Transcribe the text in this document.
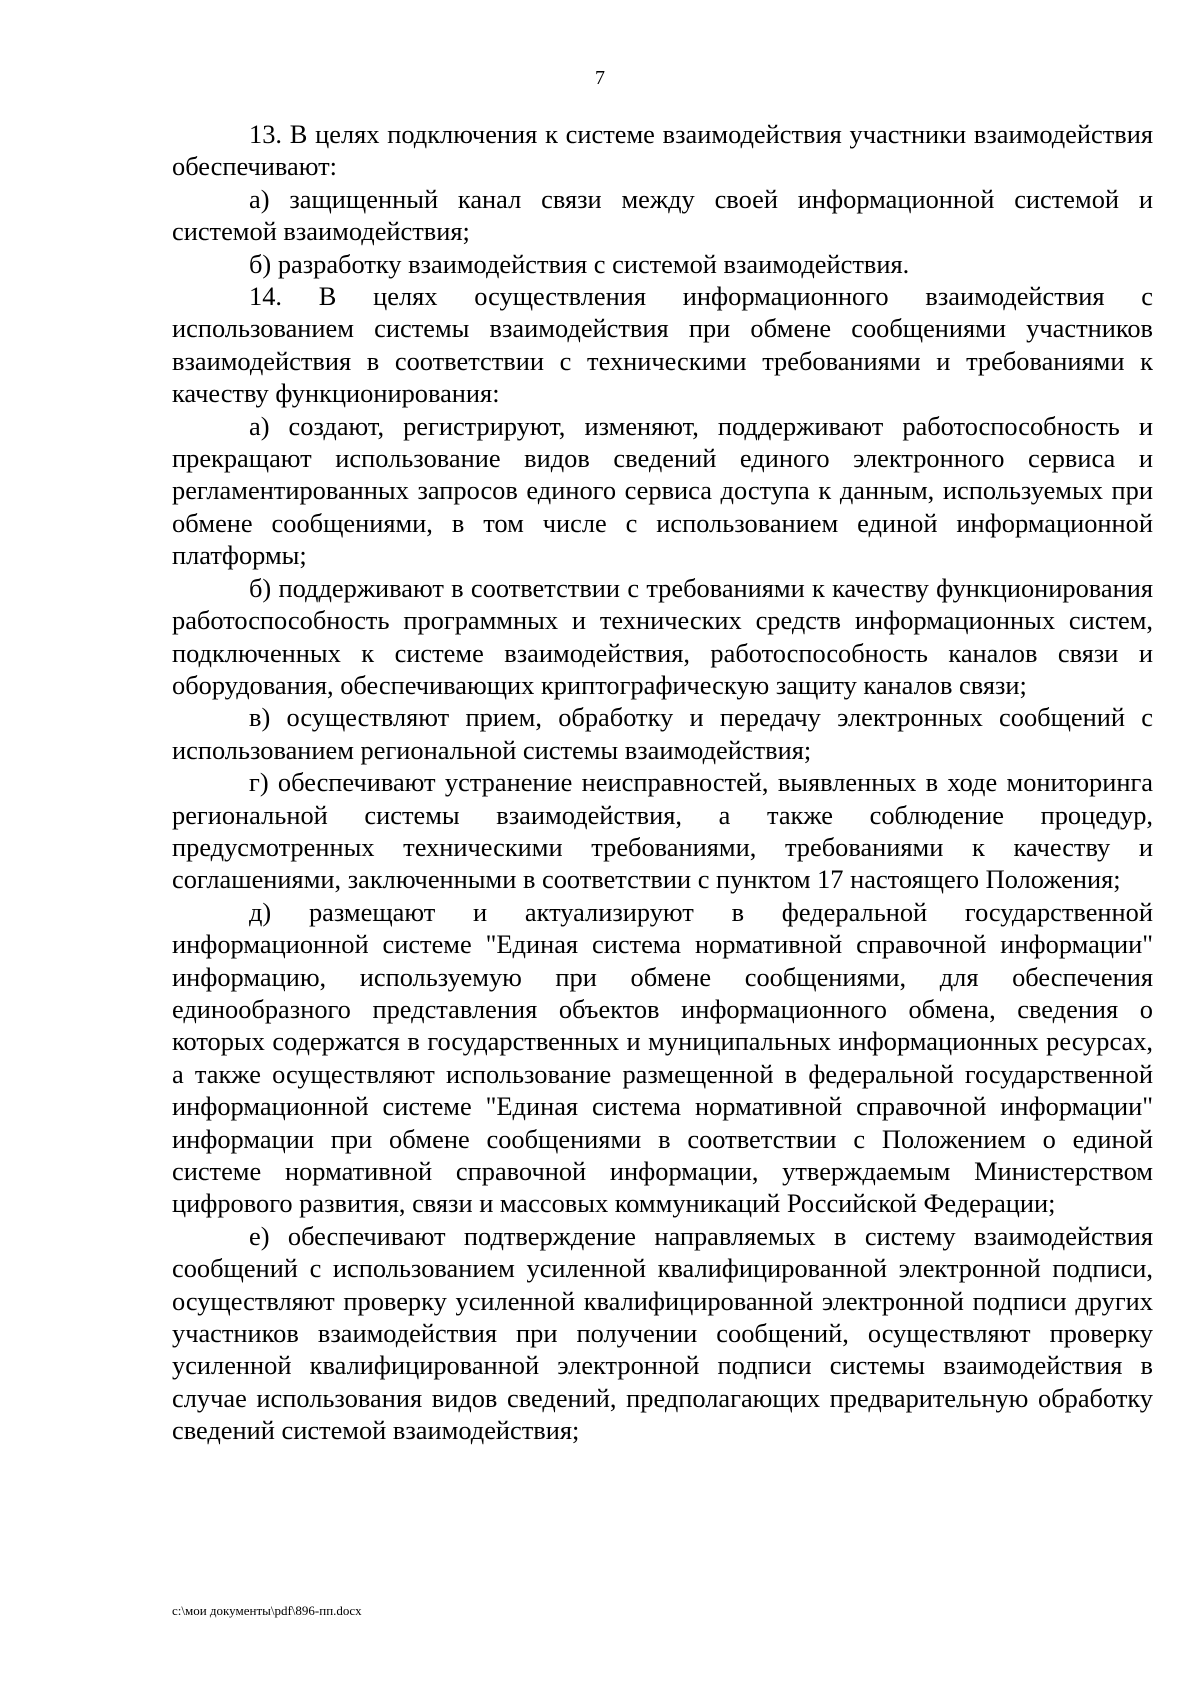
7

13. В целях подключения к системе взаимодействия участники взаимодействия обеспечивают:

а) защищенный канал связи между своей информационной системой и системой взаимодействия;

б) разработку взаимодействия с системой взаимодействия.

14. В целях осуществления информационного взаимодействия с использованием системы взаимодействия при обмене сообщениями участников взаимодействия в соответствии с техническими требованиями и требованиями к качеству функционирования:

а) создают, регистрируют, изменяют, поддерживают работоспособность и прекращают использование видов сведений единого электронного сервиса и регламентированных запросов единого сервиса доступа к данным, используемых при обмене сообщениями, в том числе с использованием единой информационной платформы;

б) поддерживают в соответствии с требованиями к качеству функционирования работоспособность программных и технических средств информационных систем, подключенных к системе взаимодействия, работоспособность каналов связи и оборудования, обеспечивающих криптографическую защиту каналов связи;

в) осуществляют прием, обработку и передачу электронных сообщений с использованием региональной системы взаимодействия;

г) обеспечивают устранение неисправностей, выявленных в ходе мониторинга региональной системы взаимодействия, а также соблюдение процедур, предусмотренных техническими требованиями, требованиями к качеству и соглашениями, заключенными в соответствии с пунктом 17 настоящего Положения;

д) размещают и актуализируют в федеральной государственной информационной системе "Единая система нормативной справочной информации" информацию, используемую при обмене сообщениями, для обеспечения единообразного представления объектов информационного обмена, сведения о которых содержатся в государственных и муниципальных информационных ресурсах, а также осуществляют использование размещенной в федеральной государственной информационной системе "Единая система нормативной справочной информации" информации при обмене сообщениями в соответствии с Положением о единой системе нормативной справочной информации, утверждаемым Министерством цифрового развития, связи и массовых коммуникаций Российской Федерации;

е) обеспечивают подтверждение направляемых в систему взаимодействия сообщений с использованием усиленной квалифицированной электронной подписи, осуществляют проверку усиленной квалифицированной электронной подписи других участников взаимодействия при получении сообщений, осуществляют проверку усиленной квалифицированной электронной подписи системы взаимодействия в случае использования видов сведений, предполагающих предварительную обработку сведений системой взаимодействия;

c:\мои документы\pdf\896-пп.docx
